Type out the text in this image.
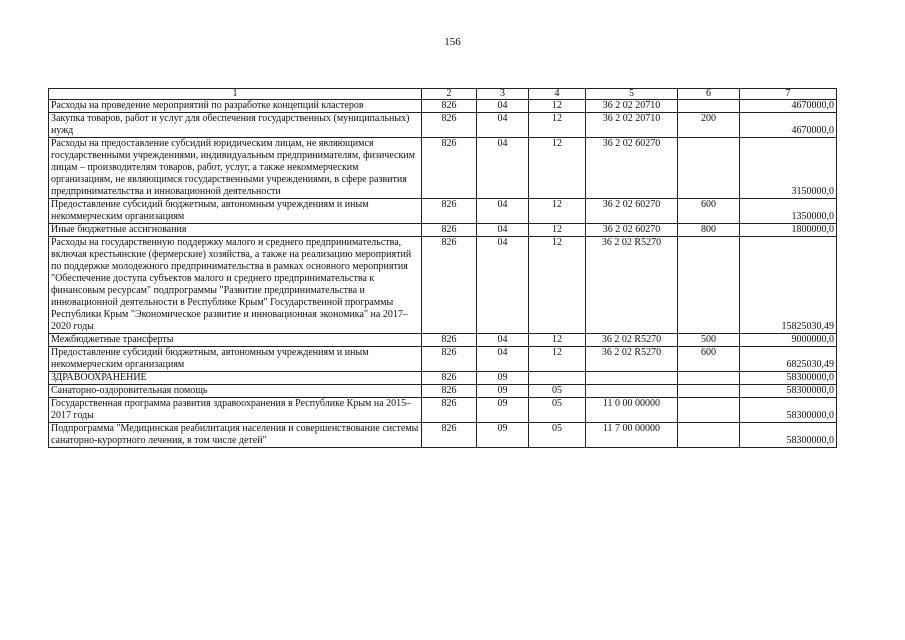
156
1	2	3	4	5	6	7
Расходы на проведение мероприятий по разработке концепций кластеров	826	04	12	36 2 02 20710		4670000,0
Закупка товаров, работ и услуг для обеспечения государственных (муниципальных) нужд	826	04	12	36 2 02 20710	200	4670000,0
Расходы на предоставление субсидий юридическим лицам, не являющимся государственными учреждениями, индивидуальным предпринимателям, физическим лицам – производителям товаров, работ, услуг, а также некоммерческим организациям, не являющимся государственными учреждениями, в сфере развития предпринимательства и инновационной деятельности	826	04	12	36 2 02 60270		3150000,0
Предоставление субсидий бюджетным, автономным учреждениям и иным некоммерческим организациям	826	04	12	36 2 02 60270	600	1350000,0
Иные бюджетные ассигнования	826	04	12	36 2 02 60270	800	1800000,0
Расходы на государственную поддержку малого и среднего предпринимательства, включая крестьянские (фермерские) хозяйства, а также на реализацию мероприятий по поддержке молодежного предпринимательства в рамках основного мероприятия "Обеспечение доступа субъектов малого и среднего предпринимательства к финансовым ресурсам" подпрограммы "Развитие предпринимательства и инновационной деятельности в Республике Крым" Государственной программы Республики Крым "Экономическое развитие и инновационная экономика" на 2017–2020 годы	826	04	12	36 2 02 R5270		15825030,49
Межбюджетные трансферты	826	04	12	36 2 02 R5270	500	9000000,0
Предоставление субсидий бюджетным, автономным учреждениям и иным некоммерческим организациям	826	04	12	36 2 02 R5270	600	6825030,49
ЗДРАВООХРАНЕНИЕ	826	09				58300000,0
Санаторно-оздоровительная помощь	826	09	05			58300000,0
Государственная программа развития здравоохранения в Республике Крым на 2015–2017 годы	826	09	05	11 0 00 00000		58300000,0
Подпрограмма "Медицинская реабилитация населения и совершенствование системы санаторно-курортного лечения, в том числе детей"	826	09	05	11 7 00 00000		58300000,0
